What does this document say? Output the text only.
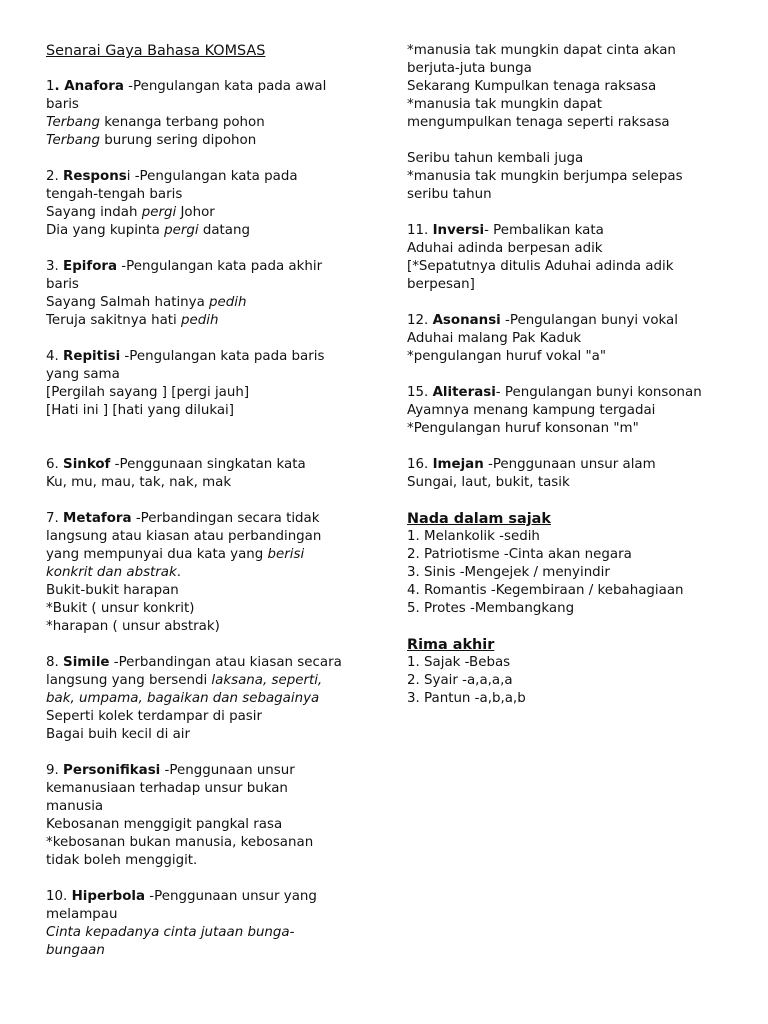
Senarai Gaya Bahasa KOMSAS
1. Anafora -Pengulangan kata pada awal
baris
Terbang kenanga terbang pohon
Terbang burung sering dipohon
2. Responsi -Pengulangan kata pada
tengah-tengah baris
Sayang indah pergi Johor
Dia yang kupinta pergi datang
3. Epifora -Pengulangan kata pada akhir
baris
Sayang Salmah hatinya pedih
Teruja sakitnya hati pedih
4. Repitisi -Pengulangan kata pada baris
yang sama
[Pergilah sayang ] [pergi jauh]
[Hati ini ] [hati yang dilukai]
6. Sinkof -Penggunaan singkatan kata
Ku, mu, mau, tak, nak, mak
7. Metafora -Perbandingan secara tidak
langsung atau kiasan atau perbandingan
yang mempunyai dua kata yang berisi
konkrit dan abstrak.
Bukit-bukit harapan
*Bukit ( unsur konkrit)
*harapan ( unsur abstrak)
8. Simile -Perbandingan atau kiasan secara
langsung yang bersendi laksana, seperti,
bak, umpama, bagaikan dan sebagainya
Seperti kolek terdampar di pasir
Bagai buih kecil di air
9. Personifikasi -Penggunaan unsur
kemanusiaan terhadap unsur bukan
manusia
Kebosanan menggigit pangkal rasa
*kebosanan bukan manusia, kebosanan
tidak boleh menggigit.
10. Hiperbola -Penggunaan unsur yang
melampau
Cinta kepadanya cinta jutaan bunga-
bungaan
*manusia tak mungkin dapat cinta akan
berjuta-juta bunga
Sekarang Kumpulkan tenaga raksasa
*manusia tak mungkin dapat
mengumpulkan tenaga seperti raksasa
Seribu tahun kembali juga
*manusia tak mungkin berjumpa selepas
seribu tahun
11. Inversi- Pembalikan kata
Aduhai adinda berpesan adik
[*Sepatutnya ditulis Aduhai adinda adik
berpesan]
12. Asonansi -Pengulangan bunyi vokal
Aduhai malang Pak Kaduk
*pengulangan huruf vokal "a"
15. Aliterasi- Pengulangan bunyi konsonan
Ayamnya menang kampung tergadai
*Pengulangan huruf konsonan "m"
16. Imejan -Penggunaan unsur alam
Sungai, laut, bukit, tasik
Nada dalam sajak
1. Melankolik -sedih
2. Patriotisme -Cinta akan negara
3. Sinis -Mengejek / menyindir
4. Romantis -Kegembiraan / kebahagiaan
5. Protes -Membangkang
Rima akhir
1. Sajak -Bebas
2. Syair -a,a,a,a
3. Pantun -a,b,a,b
